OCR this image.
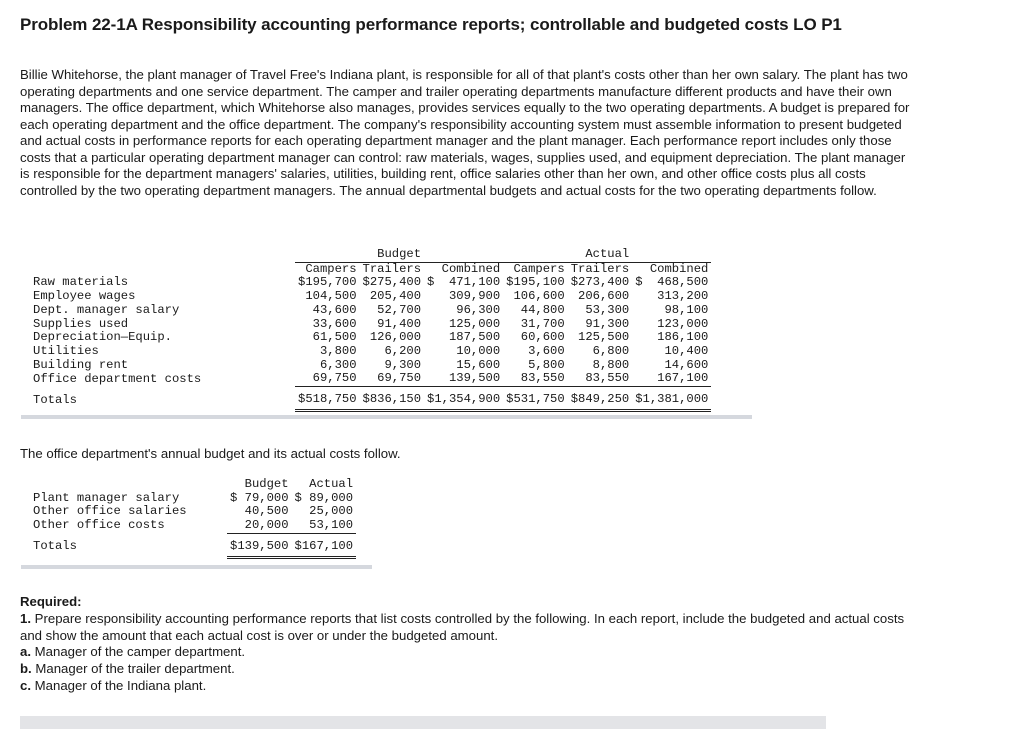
Problem 22-1A Responsibility accounting performance reports; controllable and budgeted costs LO P1

Billie Whitehorse, the plant manager of Travel Free's Indiana plant, is responsible for all of that plant's costs other than her own salary. The plant has two operating departments and one service department. The camper and trailer operating departments manufacture different products and have their own managers. The office department, which Whitehorse also manages, provides services equally to the two operating departments. A budget is prepared for each operating department and the office department. The company's responsibility accounting system must assemble information to present budgeted and actual costs in performance reports for each operating department manager and the plant manager. Each performance report includes only those costs that a particular operating department manager can control: raw materials, wages, supplies used, and equipment depreciation. The plant manager is responsible for the department managers' salaries, utilities, building rent, office salaries other than her own, and other office costs plus all costs controlled by the two operating department managers. The annual departmental budgets and actual costs for the two operating departments follow.

	Budget			Actual		
	Campers	Trailers	Combined	Campers	Trailers	Combined
Raw materials	$195,700	$275,400	$  471,100	$195,100	$273,400	$  468,500
Employee wages	104,500	205,400	309,900	106,600	206,600	313,200
Dept. manager salary	43,600	52,700	96,300	44,800	53,300	98,100
Supplies used	33,600	91,400	125,000	31,700	91,300	123,000
Depreciation—Equip.	61,500	126,000	187,500	60,600	125,500	186,100
Utilities	3,800	6,200	10,000	3,600	6,800	10,400
Building rent	6,300	9,300	15,600	5,800	8,800	14,600
Office department costs	69,750	69,750	139,500	83,550	83,550	167,100
Totals	$518,750	$836,150	$1,354,900	$531,750	$849,250	$1,381,000

The office department's annual budget and its actual costs follow.

	Budget	Actual
Plant manager salary	$ 79,000	$ 89,000
Other office salaries	40,500	25,000
Other office costs	20,000	53,100
Totals	$139,500	$167,100

Required:

1. Prepare responsibility accounting performance reports that list costs controlled by the following. In each report, include the budgeted and actual costs and show the amount that each actual cost is over or under the budgeted amount.

a. Manager of the camper department.

b. Manager of the trailer department.

c. Manager of the Indiana plant.
